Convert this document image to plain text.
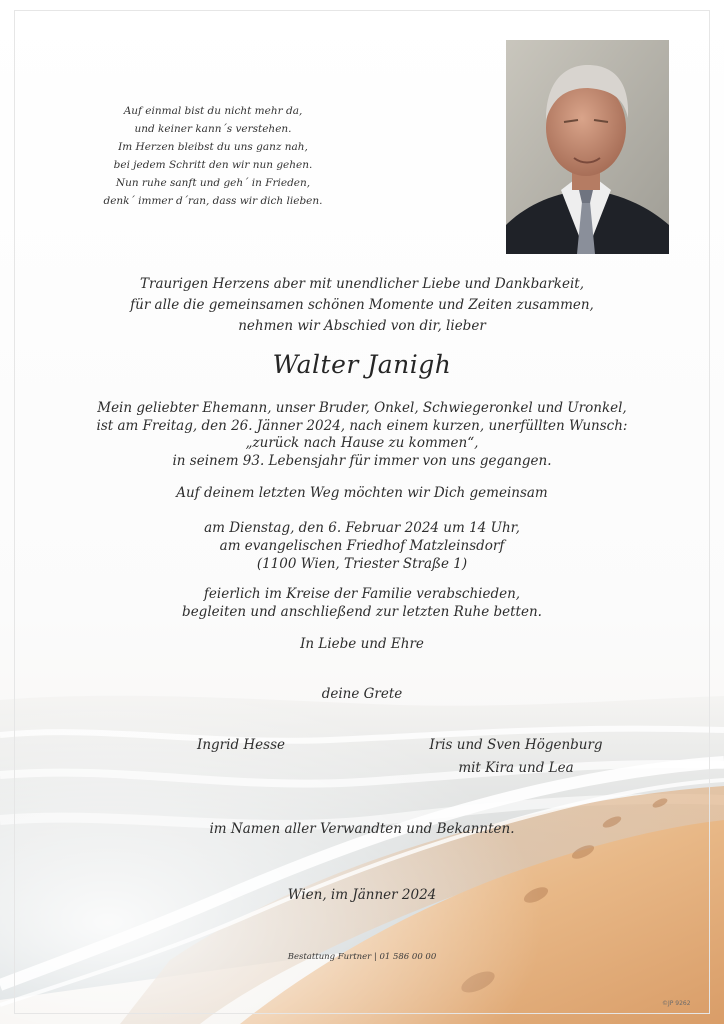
Auf einmal bist du nicht mehr da,
und keiner kann´s verstehen.
Im Herzen bleibst du uns ganz nah,
bei jedem Schritt den wir nun gehen.
Nun ruhe sanft und geh´ in Frieden,
denk´ immer d´ran, dass wir dich lieben.
Traurigen Herzens aber mit unendlicher Liebe und Dankbarkeit,
für alle die gemeinsamen schönen Momente und Zeiten zusammen,
nehmen wir Abschied von dir, lieber
Walter Janigh
Mein geliebter Ehemann, unser Bruder, Onkel, Schwiegeronkel und Uronkel,
ist am Freitag, den 26. Jänner 2024, nach einem kurzen, unerfüllten Wunsch:
„zurück nach Hause zu kommen“,
in seinem 93. Lebensjahr für immer von uns gegangen.
Auf deinem letzten Weg möchten wir Dich gemeinsam
am Dienstag, den 6. Februar 2024 um 14 Uhr,
am evangelischen Friedhof Matzleinsdorf
(1100 Wien, Triester Straße 1)
feierlich im Kreise der Familie verabschieden,
begleiten und anschließend zur letzten Ruhe betten.
In Liebe und Ehre
deine Grete
Ingrid Hesse	Iris und Sven Högenburg
mit Kira und Lea
im Namen aller Verwandten und Bekannten.
Wien, im Jänner 2024
Bestattung Furtner | 01 586 00 00
©JP 9262
